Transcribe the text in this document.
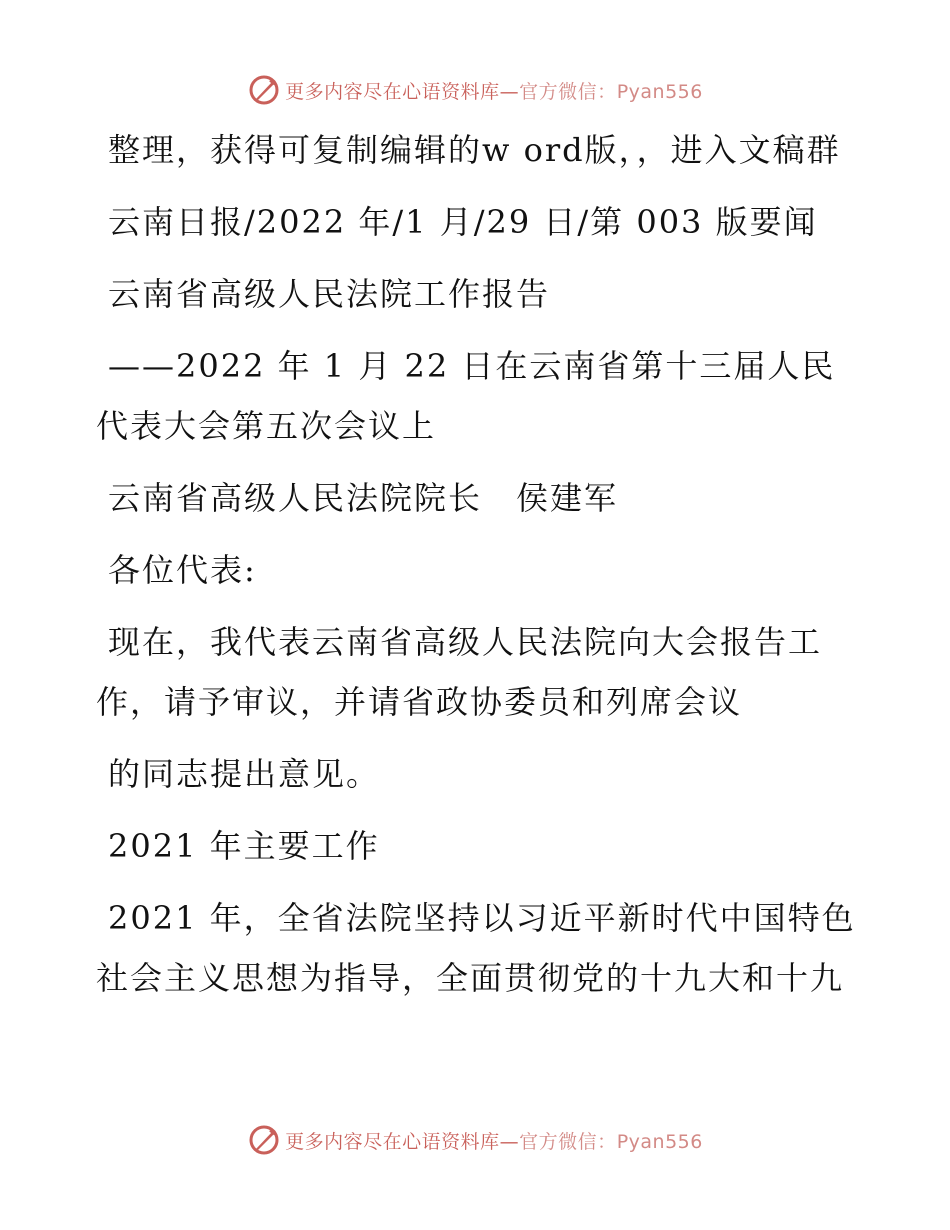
更多内容尽在心语资料库—官方微信：Pyan556

整理，获得可复制编辑的w ord版，，进入文稿群

云南日报/2022 年/1 月/29 日/第 003 版要闻

云南省高级人民法院工作报告

——2022 年 1 月 22 日在云南省第十三届人民代表大会第五次会议上

云南省高级人民法院院长　侯建军

各位代表:

现在，我代表云南省高级人民法院向大会报告工作，请予审议，并请省政协委员和列席会议

的同志提出意见。

2021 年主要工作

2021 年，全省法院坚持以习近平新时代中国特色社会主义思想为指导，全面贯彻党的十九大和十九

更多内容尽在心语资料库—官方微信：Pyan556
